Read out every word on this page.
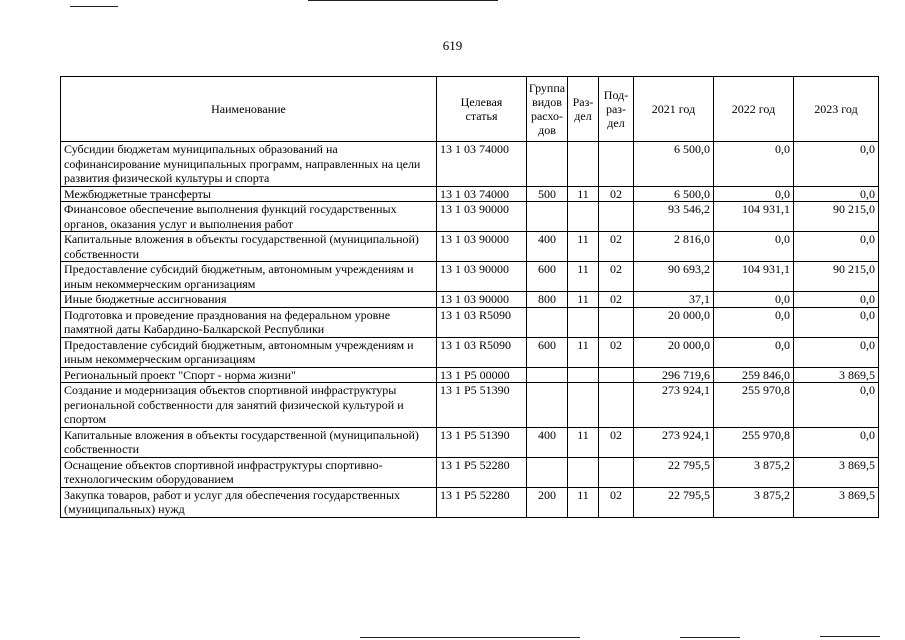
619
Наименование	Целевая статья	Группа видов расхо-дов	Раз-дел	Под-раз-дел	2021 год	2022 год	2023 год
Субсидии бюджетам муниципальных образований на софинансирование муниципальных программ, направленных на цели развития физической культуры и спорта	13 1 03 74000				6 500,0	0,0	0,0
Межбюджетные трансферты	13 1 03 74000	500	11	02	6 500,0	0,0	0,0
Финансовое обеспечение выполнения функций государственных органов, оказания услуг и выполнения работ	13 1 03 90000				93 546,2	104 931,1	90 215,0
Капитальные вложения в объекты государственной (муниципальной) собственности	13 1 03 90000	400	11	02	2 816,0	0,0	0,0
Предоставление субсидий бюджетным, автономным учреждениям и иным некоммерческим организациям	13 1 03 90000	600	11	02	90 693,2	104 931,1	90 215,0
Иные бюджетные ассигнования	13 1 03 90000	800	11	02	37,1	0,0	0,0
Подготовка и проведение празднования на федеральном уровне памятной даты Кабардино-Балкарской Республики	13 1 03 R5090				20 000,0	0,0	0,0
Предоставление субсидий бюджетным, автономным учреждениям и иным некоммерческим организациям	13 1 03 R5090	600	11	02	20 000,0	0,0	0,0
Региональный проект "Спорт - норма жизни"	13 1 P5 00000				296 719,6	259 846,0	3 869,5
Создание и модернизация объектов спортивной инфраструктуры региональной собственности для занятий физической культурой и спортом	13 1 P5 51390				273 924,1	255 970,8	0,0
Капитальные вложения в объекты государственной (муниципальной) собственности	13 1 P5 51390	400	11	02	273 924,1	255 970,8	0,0
Оснащение объектов спортивной инфраструктуры спортивно-технологическим оборудованием	13 1 P5 52280				22 795,5	3 875,2	3 869,5
Закупка товаров, работ и услуг для обеспечения государственных (муниципальных) нужд	13 1 P5 52280	200	11	02	22 795,5	3 875,2	3 869,5
